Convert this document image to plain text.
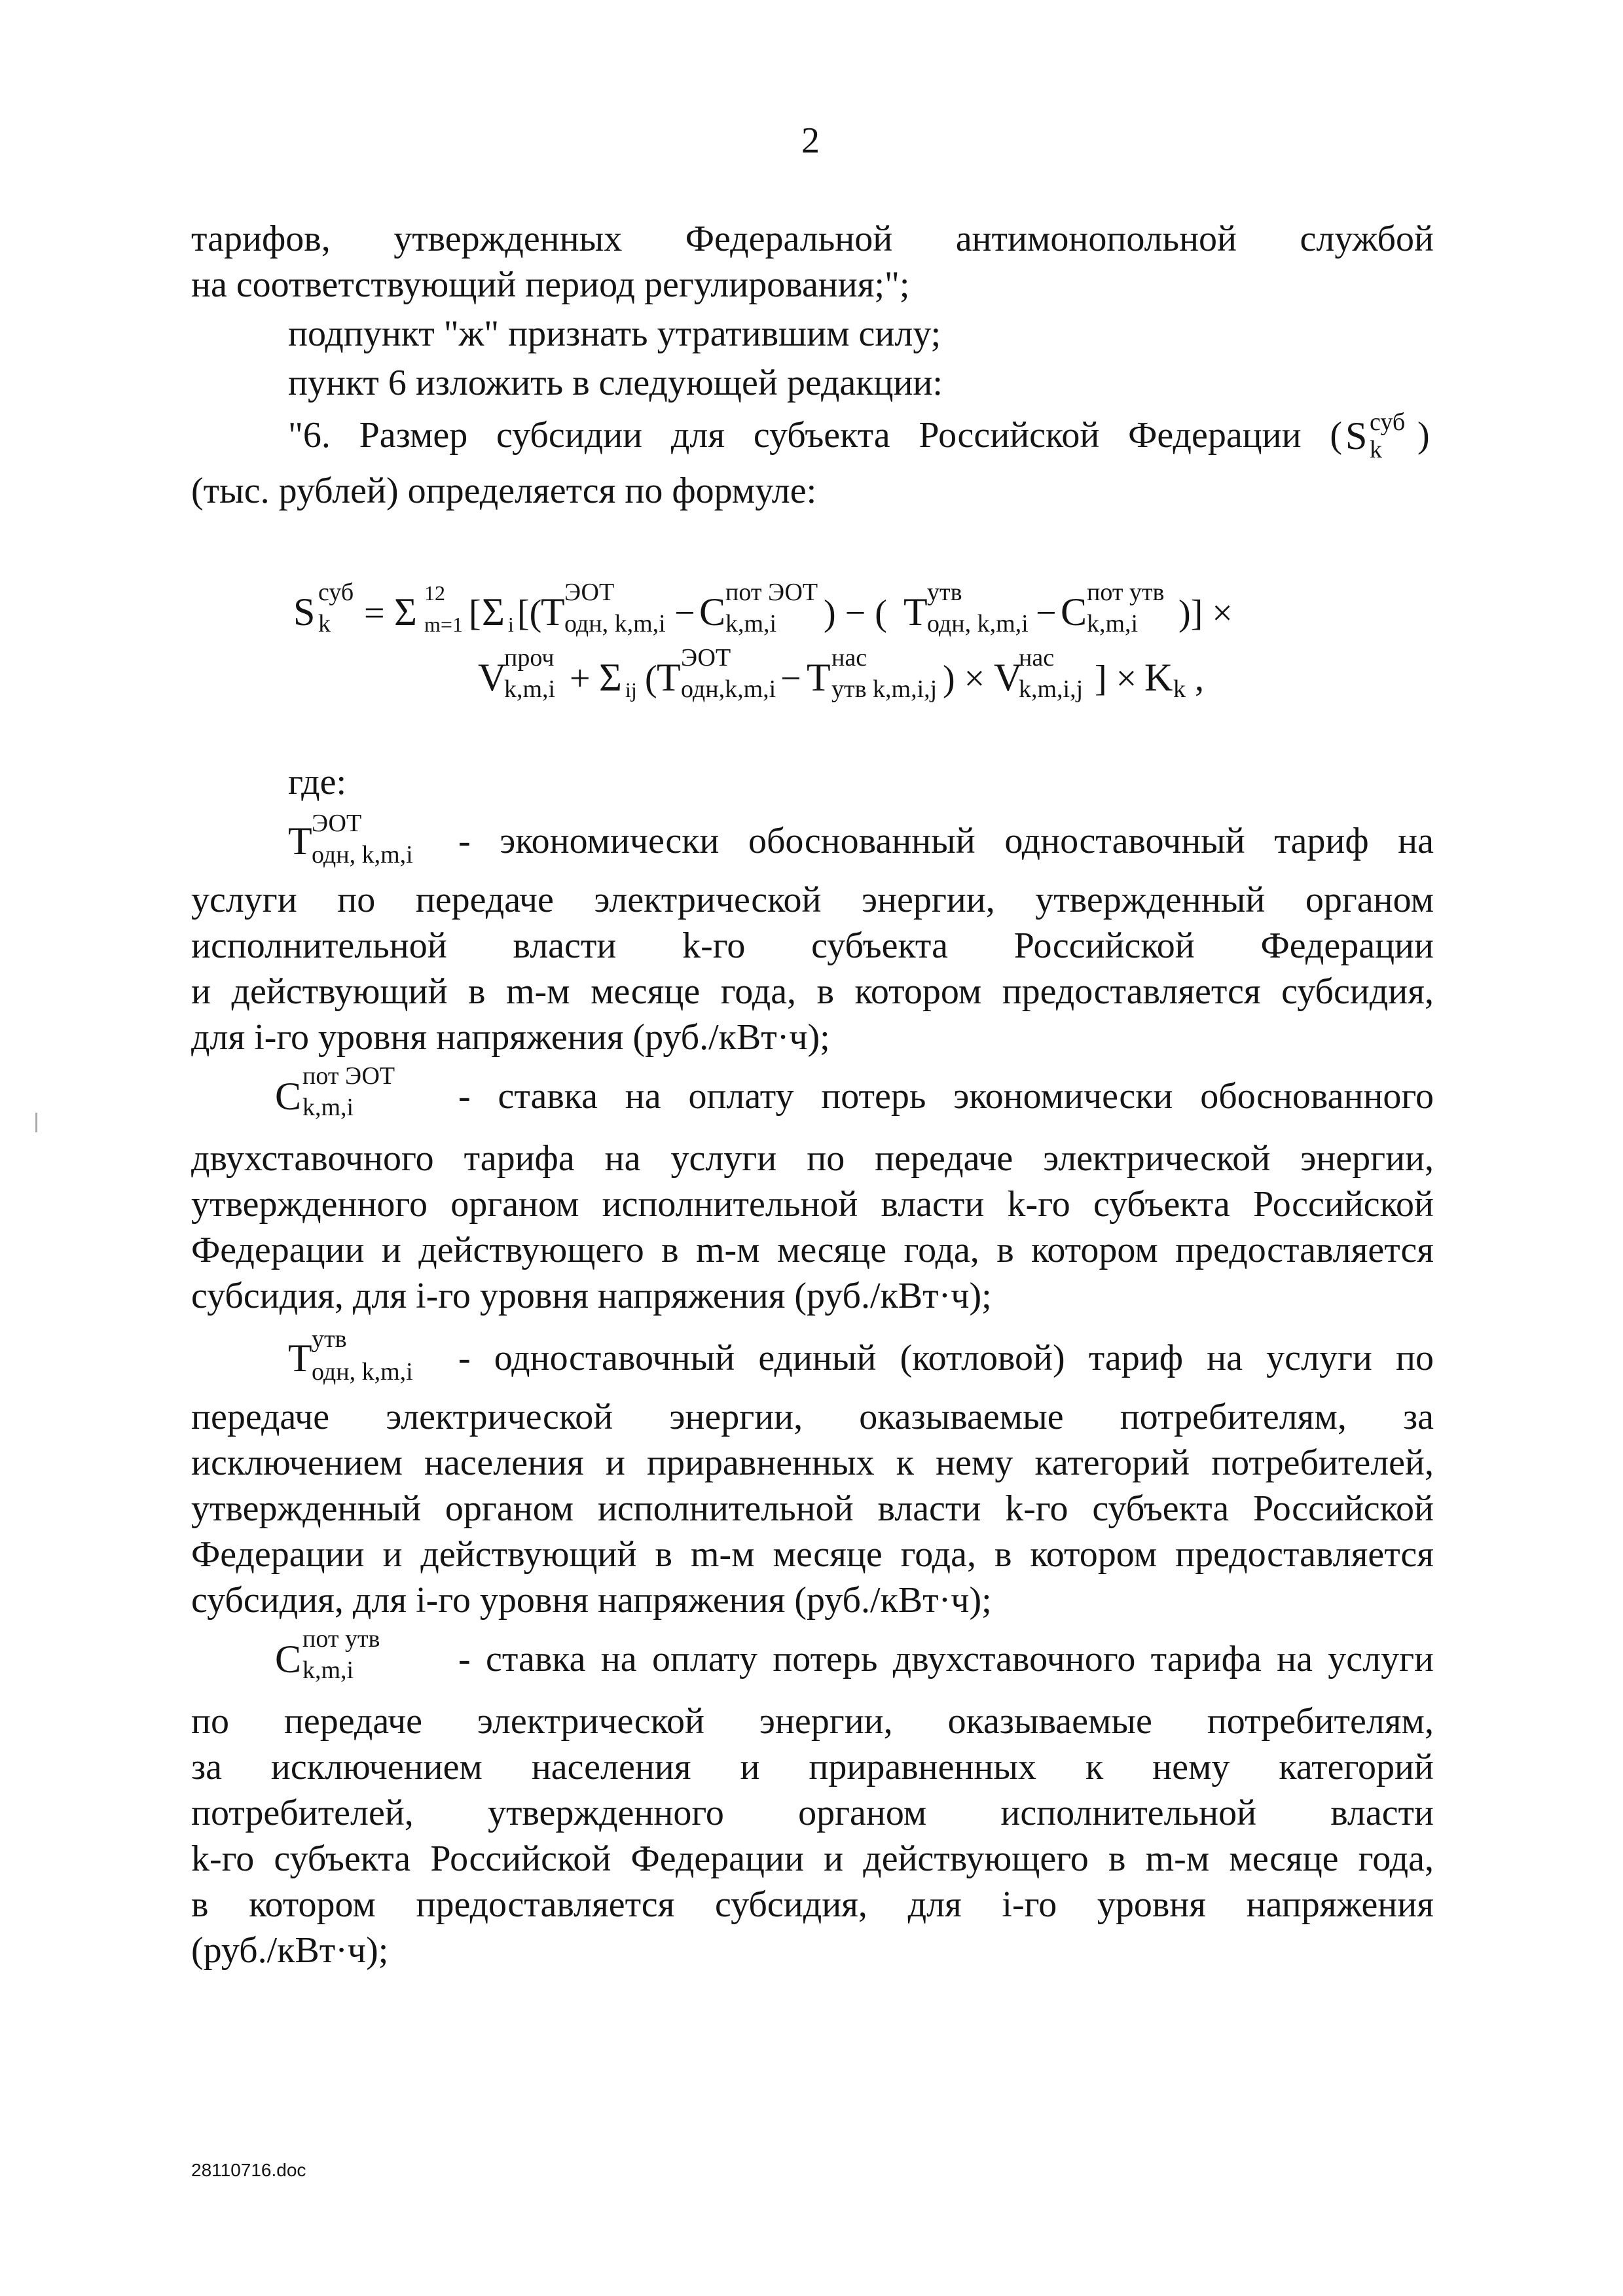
2
тарифов, утвержденных Федеральной антимонопольной службой
на соответствующий период регулирования;";
подпункт "ж" признать утратившим силу;
пункт 6 изложить в следующей редакции:
"6. Размер субсидии для субъекта Российской Федерации ( S суб
k )
(тыс. рублей) определяется по формуле:
S суб
k = Σ 12
m=1 [ Σ i [(
T ЭОТ
одн, k,m,i − C пот ЭОТ
k,m,i ) − ( T утв
одн, k,m,i − C пот утв
k,m,i )] ×
V
проч
k,m,i + Σ ij ( T ЭОТ
одн,k,m,i − T нас
утв k,m,i,j ) × V
нас
k,m,i,j ] × K k ,
где:
T ЭОТ
одн, k,m,i - экономически обоснованный одноставочный тариф на
услуги по передаче электрической энергии, утвержденный органом
исполнительной власти k-го субъекта Российской Федерации
и действующий в m-м месяце года, в котором предоставляется субсидия,
для i-го уровня напряжения (руб./кВт·ч);
C пот ЭОТ
k,m,i	- ставка на оплату потерь экономически обоснованного
двухставочного тарифа на услуги по передаче электрической энергии,
утвержденного органом исполнительной власти k-го субъекта Российской
Федерации и действующего в m-м месяце года, в котором предоставляется
субсидия, для i-го уровня напряжения (руб./кВт·ч);
T утв
одн, k,m,i - одноставочный единый (котловой) тариф на услуги по
передаче электрической энергии, оказываемые потребителям, за
исключением населения и приравненных к нему категорий потребителей,
утвержденный органом исполнительной власти k-го субъекта Российской
Федерации и действующий в m-м месяце года, в котором предоставляется
субсидия, для i-го уровня напряжения (руб./кВт·ч);
C пот утв
k,m,i	- ставка на оплату потерь двухставочного тарифа на услуги
по передаче электрической энергии, оказываемые потребителям,
за исключением населения и приравненных к нему категорий
потребителей, утвержденного органом исполнительной власти
k-го субъекта Российской Федерации и действующего в m-м месяце года,
в котором предоставляется субсидия, для i-го уровня напряжения
(руб./кВт·ч);
28110716.doc
